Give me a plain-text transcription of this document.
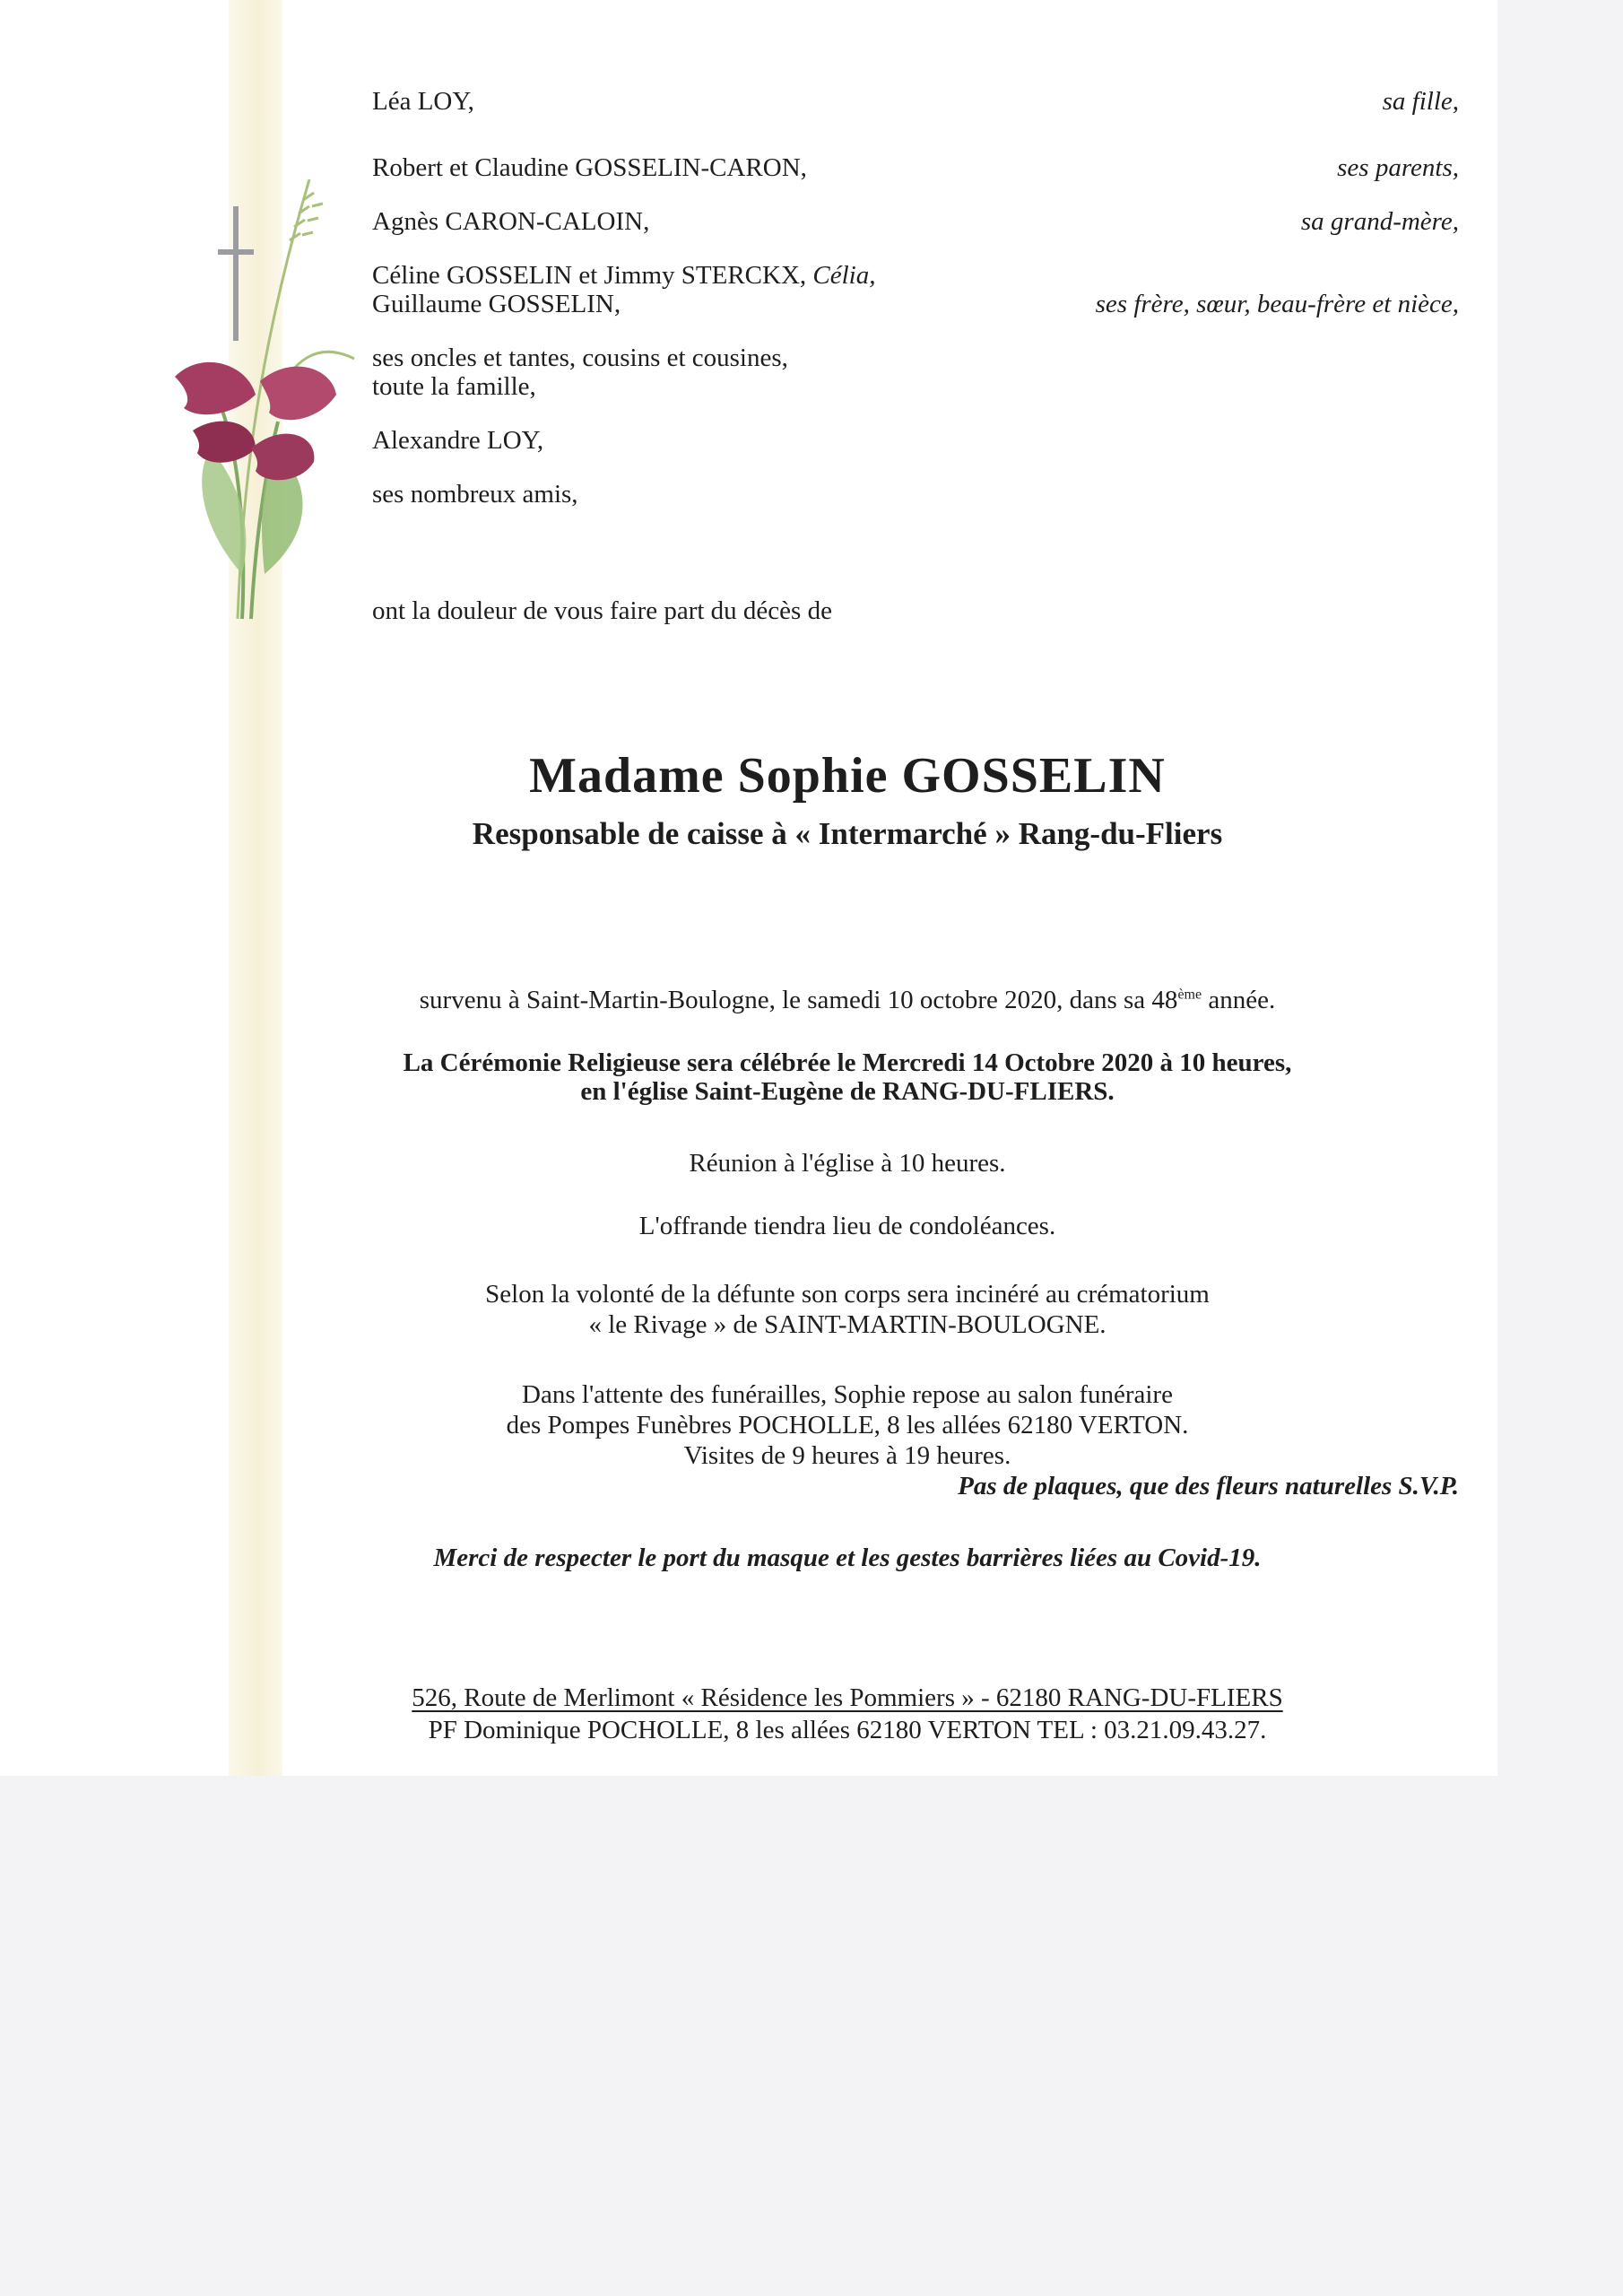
Léa LOY,
Robert et Claudine GOSSELIN-CARON,
Agnès CARON-CALOIN,
Céline GOSSELIN et Jimmy STERCKX, Célia,
Guillaume GOSSELIN,
ses oncles et tantes, cousins et cousines,
toute la famille,
Alexandre LOY,
ses nombreux amis,
sa fille,
ses parents,
sa grand-mère,
ses frère, sœur, beau-frère et nièce,
ont la douleur de vous faire part du décès de
Madame Sophie GOSSELIN
Responsable de caisse à « Intermarché » Rang-du-Fliers
survenu à Saint-Martin-Boulogne, le samedi 10 octobre 2020, dans sa 48ème année.
La Cérémonie Religieuse sera célébrée le Mercredi 14 Octobre 2020 à 10 heures,
en l'église Saint-Eugène de RANG-DU-FLIERS.
Réunion à l'église à 10 heures.
L'offrande tiendra lieu de condoléances.
Selon la volonté de la défunte son corps sera incinéré au crématorium
« le Rivage » de SAINT-MARTIN-BOULOGNE.
Dans l'attente des funérailles, Sophie repose au salon funéraire
des Pompes Funèbres POCHOLLE, 8 les allées 62180 VERTON.
Visites de 9 heures à 19 heures.
Pas de plaques, que des fleurs naturelles S.V.P.
Merci de respecter le port du masque et les gestes barrières liées au Covid-19.
526, Route de Merlimont « Résidence les Pommiers » - 62180 RANG-DU-FLIERS
PF Dominique POCHOLLE, 8 les allées 62180 VERTON TEL : 03.21.09.43.27.
